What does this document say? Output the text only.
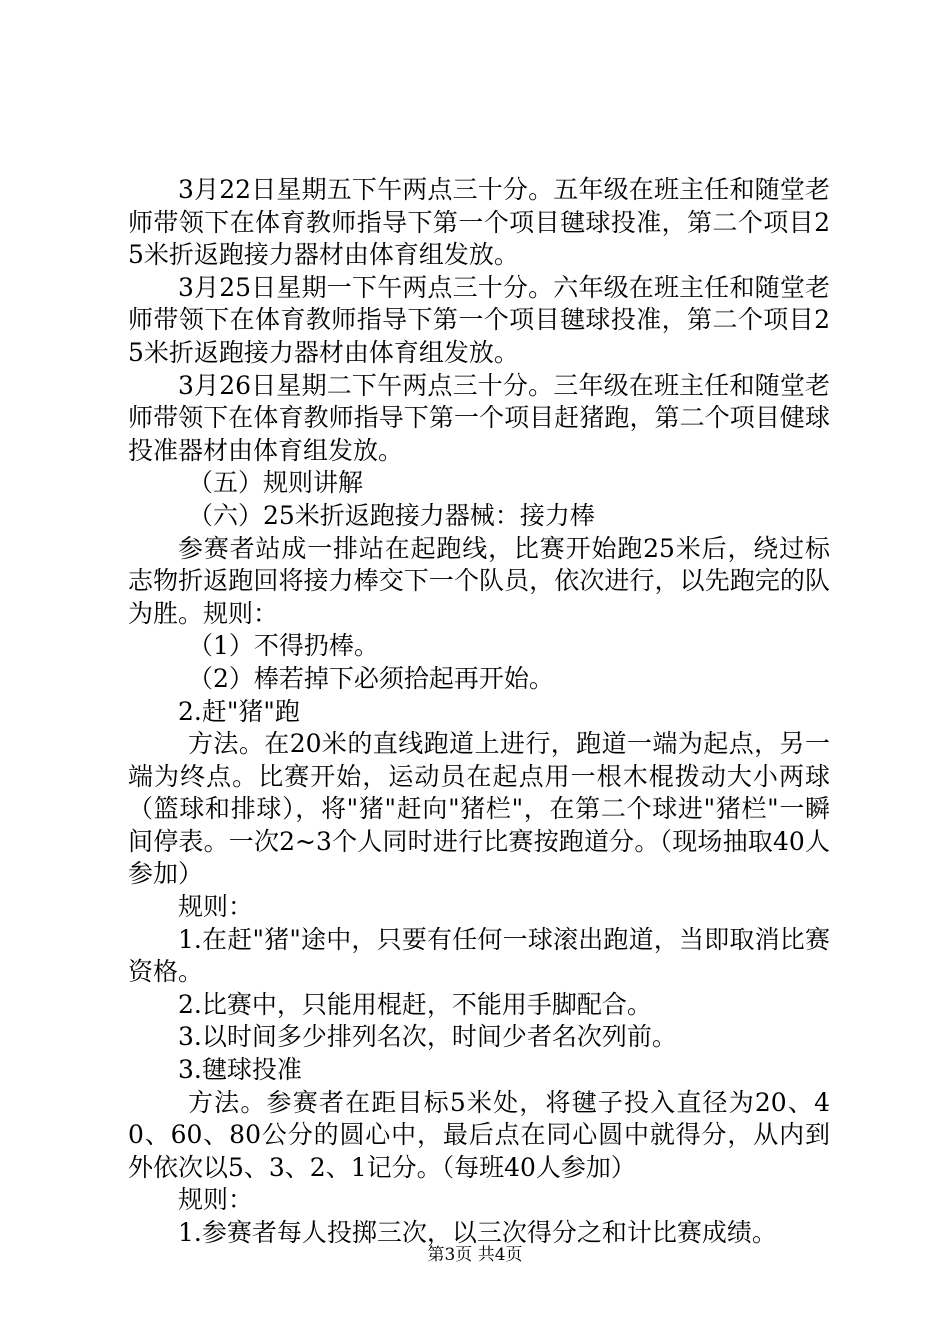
3月22日星期五下午两点三十分。五年级在班主任和随堂老师带领下在体育教师指导下第一个项目毽球投准，第二个项目25米折返跑接力器材由体育组发放。

3月25日星期一下午两点三十分。六年级在班主任和随堂老师带领下在体育教师指导下第一个项目毽球投准，第二个项目25米折返跑接力器材由体育组发放。

3月26日星期二下午两点三十分。三年级在班主任和随堂老师带领下在体育教师指导下第一个项目赶猪跑，第二个项目健球投准器材由体育组发放。

（五）规则讲解

（六）25米折返跑接力器械：接力棒

参赛者站成一排站在起跑线，比赛开始跑25米后，绕过标志物折返跑回将接力棒交下一个队员，依次进行，以先跑完的队为胜。规则：

（1）不得扔棒。

（2）棒若掉下必须拾起再开始。

2.赶"猪"跑

方法。在20米的直线跑道上进行，跑道一端为起点，另一端为终点。比赛开始，运动员在起点用一根木棍拨动大小两球（篮球和排球），将"猪"赶向"猪栏"，在第二个球进"猪栏"一瞬间停表。一次2~3个人同时进行比赛按跑道分。（现场抽取40人参加）

规则：

1.在赶"猪"途中，只要有任何一球滚出跑道，当即取消比赛资格。

2.比赛中，只能用棍赶，不能用手脚配合。

3.以时间多少排列名次，时间少者名次列前。

3.毽球投准

方法。参赛者在距目标5米处，将毽子投入直径为20、40、60、80公分的圆心中，最后点在同心圆中就得分，从内到外依次以5、3、2、1记分。（每班40人参加）

规则：

1.参赛者每人投掷三次，以三次得分之和计比赛成绩。

第3页 共4页
